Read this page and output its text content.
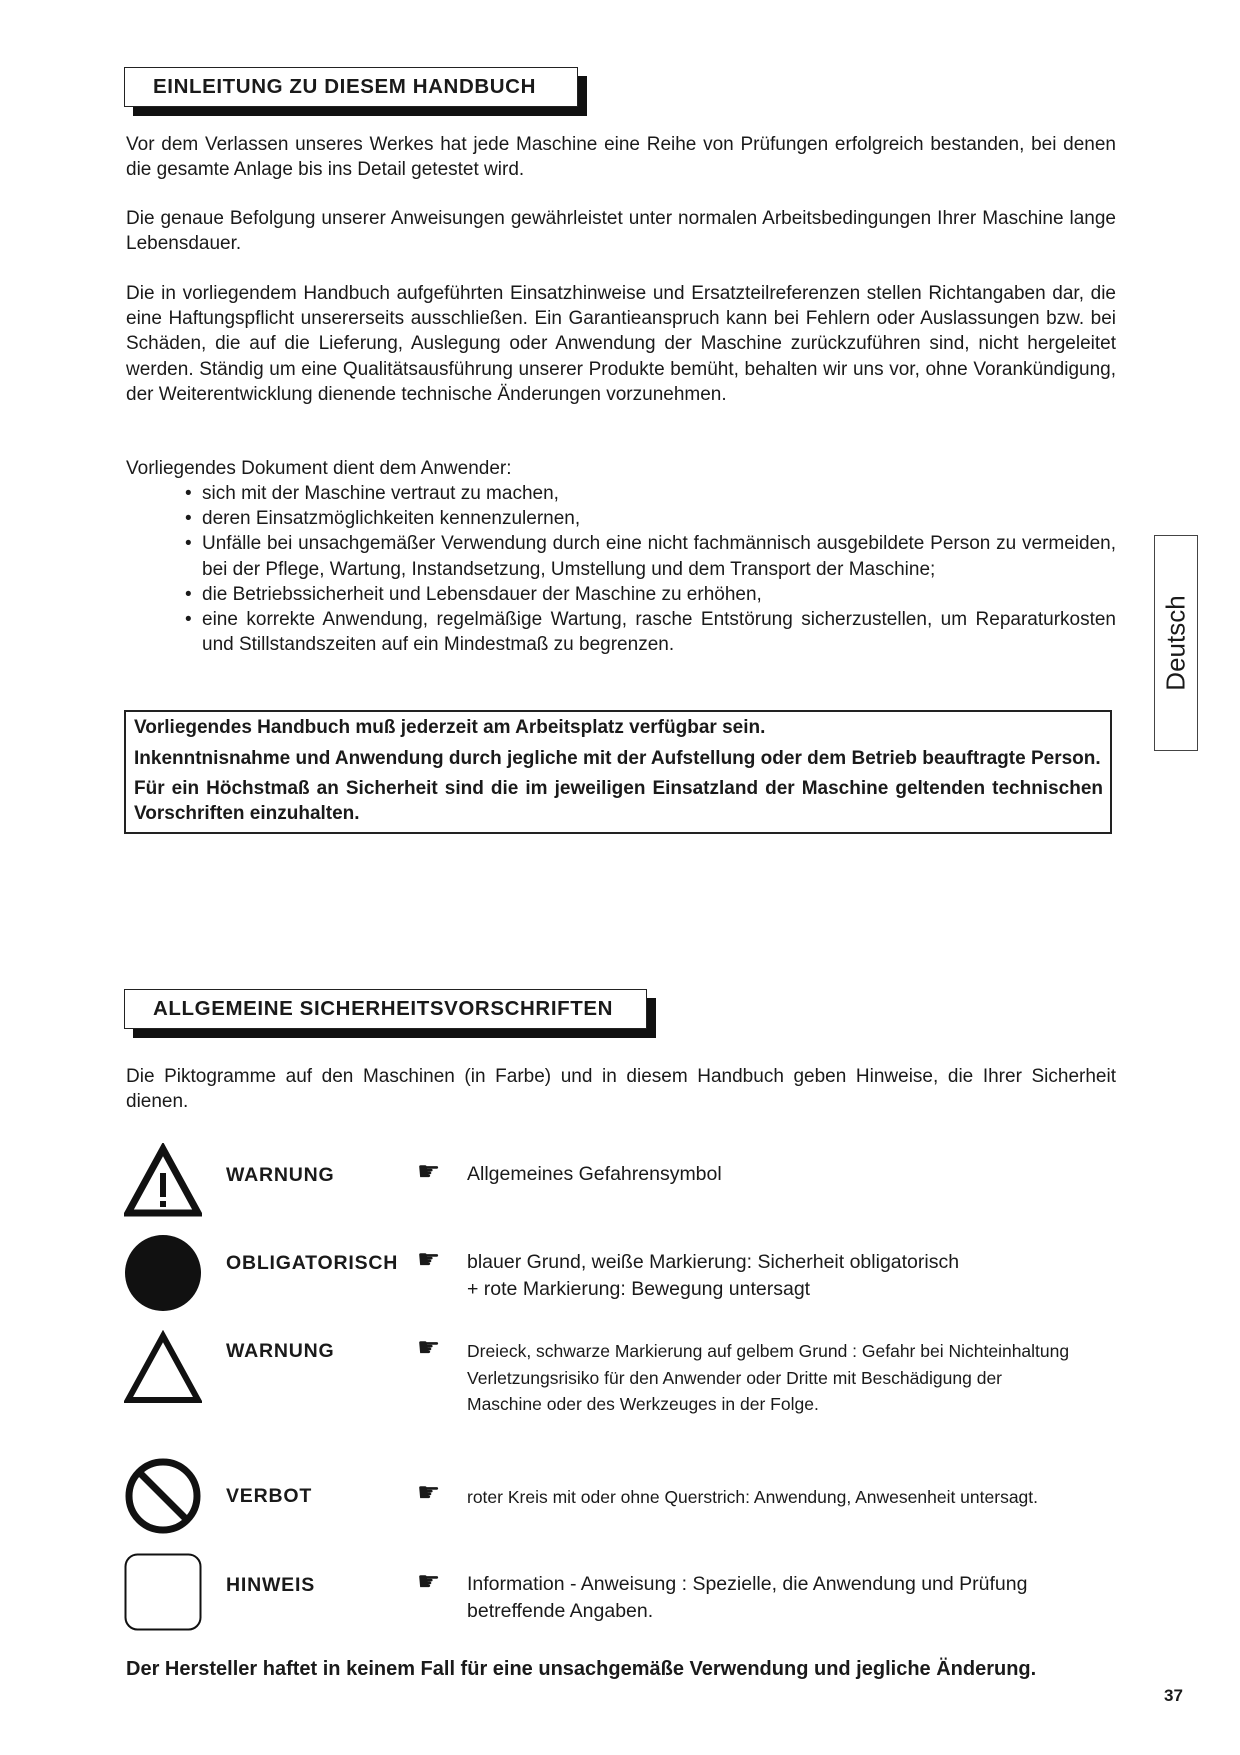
EINLEITUNG ZU DIESEM HANDBUCH

Vor dem Verlassen unseres Werkes hat jede Maschine eine Reihe von Prüfungen erfolgreich bestanden, bei denen die gesamte Anlage bis ins Detail getestet wird.

Die genaue Befolgung unserer Anweisungen gewährleistet unter normalen Arbeitsbedingungen Ihrer Maschine lange Lebensdauer.

Die in vorliegendem Handbuch aufgeführten Einsatzhinweise und Ersatzteilreferenzen stellen Richtangaben dar, die eine Haftungspflicht unsererseits ausschließen. Ein Garantieanspruch kann bei Fehlern oder Auslassungen bzw. bei Schäden, die auf die Lieferung, Auslegung oder Anwendung der Maschine zurückzuführen sind, nicht hergeleitet werden. Ständig um eine Qualitätsausführung unserer Produkte bemüht, behalten wir uns vor, ohne Vorankündigung, der Weiterentwicklung dienende technische Änderungen vorzunehmen.

Vorliegendes Dokument dient dem Anwender:

• sich mit der Maschine vertraut zu machen,
• deren Einsatzmöglichkeiten kennenzulernen,
• Unfälle bei unsachgemäßer Verwendung durch eine nicht fachmännisch ausgebildete Person zu vermeiden, bei der Pflege, Wartung, Instandsetzung, Umstellung und dem Transport der Maschine;
• die Betriebssicherheit und Lebensdauer der Maschine zu erhöhen,
• eine korrekte Anwendung, regelmäßige Wartung, rasche Entstörung sicherzustellen, um Reparaturkosten und Stillstandszeiten auf ein Mindestmaß zu begrenzen.

Vorliegendes Handbuch muß jederzeit am Arbeitsplatz verfügbar sein.

Inkenntnisnahme und Anwendung durch jegliche mit der Aufstellung oder dem Betrieb beauftragte Person.

Für ein Höchstmaß an Sicherheit sind die im jeweiligen Einsatzland der Maschine geltenden technischen Vorschriften einzuhalten.

Deutsch
ALLGEMEINE SICHERHEITSVORSCHRIFTEN

Die Piktogramme auf den Maschinen (in Farbe) und in diesem Handbuch geben Hinweise, die Ihrer Sicherheit dienen.

WARNUNG	☛ Allgemeines Gefahrensymbol
OBLIGATORISCH ☛ blauer Grund, weiße Markierung: Sicherheit obligatorisch
+ rote Markierung: Bewegung untersagt
WARNUNG	☛ Dreieck, schwarze Markierung auf gelbem Grund : Gefahr bei Nichteinhaltung
Verletzungsrisiko für den Anwender oder Dritte mit Beschädigung der
Maschine oder des Werkzeuges in der Folge.
VERBOT	☛ roter Kreis mit oder ohne Querstrich: Anwendung, Anwesenheit untersagt.
HINWEIS	☛ Information - Anweisung : Spezielle, die Anwendung und Prüfung
betreffende Angaben.
Der Hersteller haftet in keinem Fall für eine unsachgemäße Verwendung und jegliche Änderung.
37
